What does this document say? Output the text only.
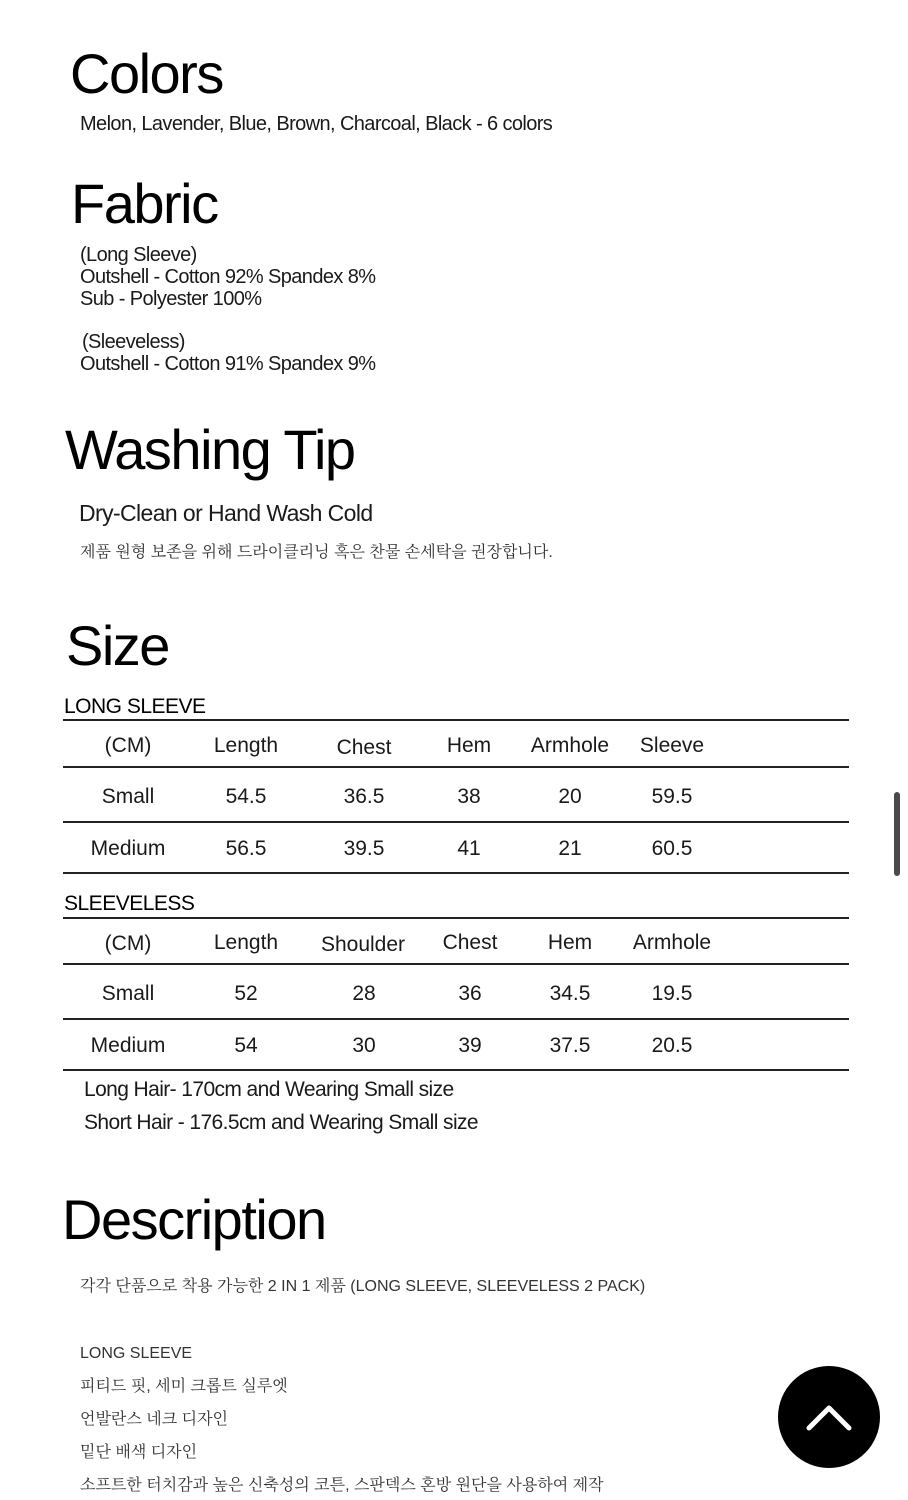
Colors
Melon, Lavender, Blue, Brown, Charcoal, Black - 6 colors
Fabric
(Long Sleeve)
Outshell - Cotton 92% Spandex 8%
Sub - Polyester 100%
(Sleeveless)
Outshell - Cotton 91% Spandex 9%
Washing Tip
Dry-Clean or Hand Wash Cold
제품 원형 보존을 위해 드라이클리닝 혹은 찬물 손세탁을 권장합니다.
Size
LONG SLEEVE
(CM)	Length	Chest	Hem Armhole Sleeve
Small	54.5	36.5	38	20	59.5
Medium	56.5	39.5	41	21	60.5
SLEEVELESS
(CM)	Length Shoulder Chest Hem Armhole
Small	52	28	36	34.5	19.5
Medium	54	30	39	37.5	20.5
Long Hair- 170cm and Wearing Small size
Short Hair - 176.5cm and Wearing Small size
Description
각각 단품으로 착용 가능한 2 IN 1 제품 (LONG SLEEVE, SLEEVELESS 2 PACK)
LONG SLEEVE
피티드 핏, 세미 크롭트 실루엣
언발란스 네크 디자인
밑단 배색 디자인
소프트한 터치감과 높은 신축성의 코튼, 스판덱스 혼방 원단을 사용하여 제작
